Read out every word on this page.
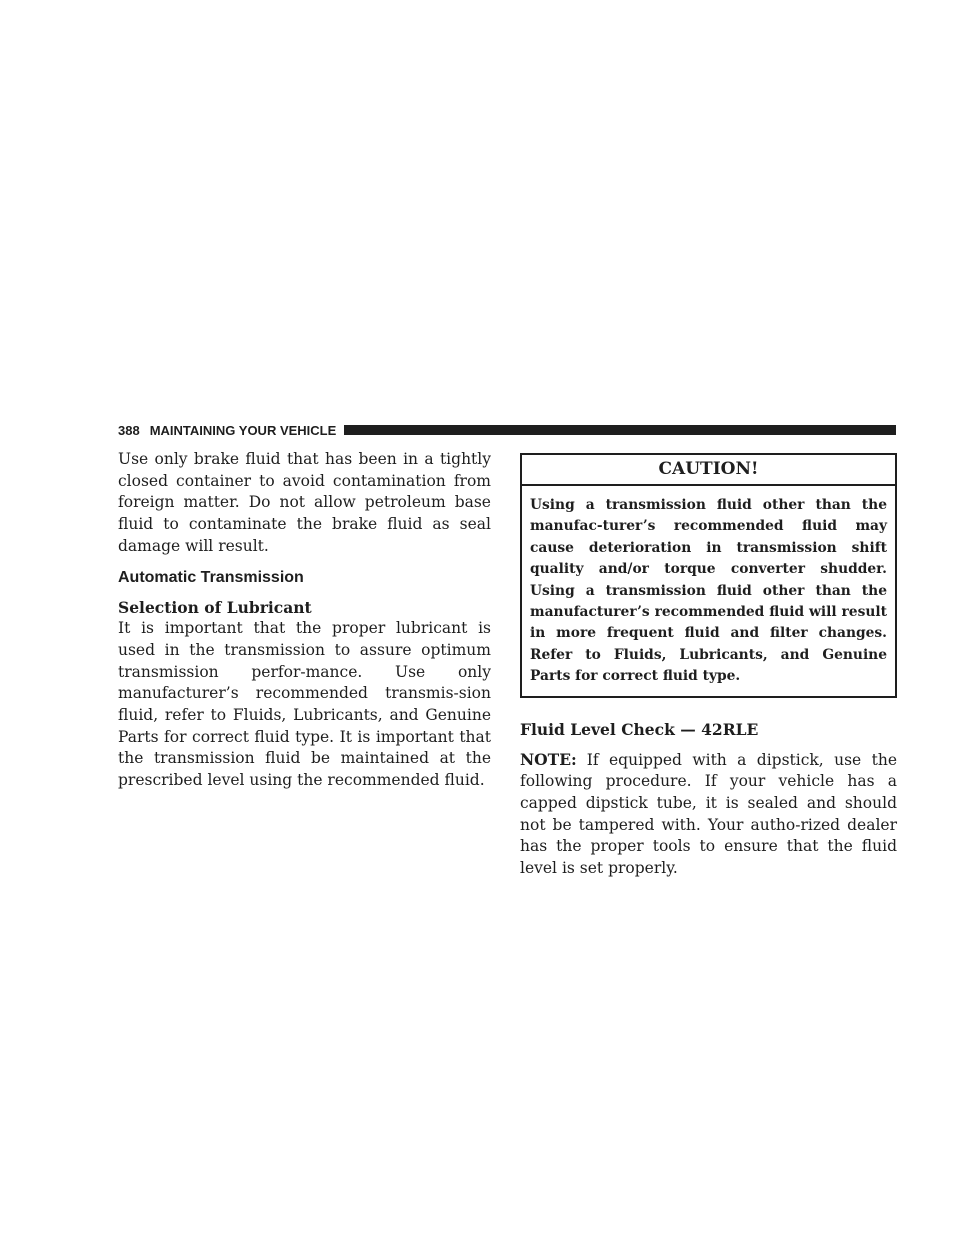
388 MAINTAINING YOUR VEHICLE

Use only brake fluid that has been in a tightly closed container to avoid contamination from foreign matter. Do not allow petroleum base fluid to contaminate the brake fluid as seal damage will result.

Automatic Transmission
Selection of Lubricant

It is important that the proper lubricant is used in the transmission to assure optimum transmission perfor-mance. Use only manufacturer’s recommended transmis-sion fluid, refer to Fluids, Lubricants, and Genuine Parts for correct fluid type. It is important that the transmission fluid be maintained at the prescribed level using the recommended fluid.

CAUTION!
Using a transmission fluid other than the manufac-turer’s recommended fluid may cause deterioration in transmission shift quality and/or torque converter shudder. Using a transmission fluid other than the manufacturer’s recommended fluid will result in more frequent fluid and filter changes. Refer to Fluids, Lubricants, and Genuine Parts for correct fluid type.
Fluid Level Check — 42RLE

NOTE: If equipped with a dipstick, use the following procedure. If your vehicle has a capped dipstick tube, it is sealed and should not be tampered with. Your autho-rized dealer has the proper tools to ensure that the fluid level is set properly.
